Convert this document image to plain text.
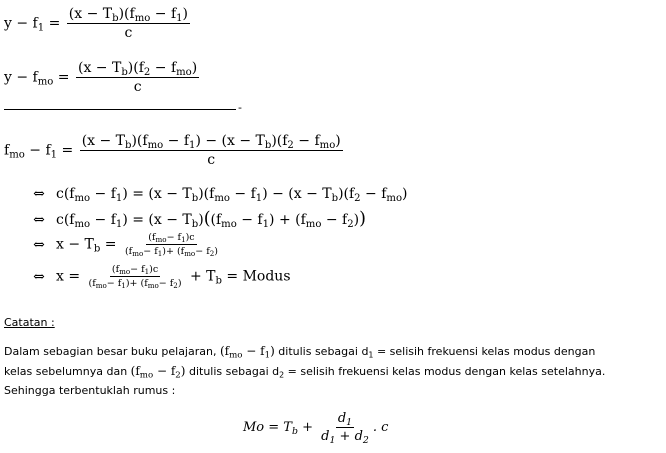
$y - f_1 = \frac{(x - T_b)(f_{mo} - f_1)}{c}$
$y - f_{mo} = \frac{(x - T_b)(f_2 - f_{mo})}{c}$
-
$f_{mo} - f_1 = \frac{(x - T_b)(f_{mo} - f_1) - (x - T_b)(f_2 - f_{mo})}{c}$
⇔ $c(f_{mo} - f_1) = (x - T_b)(f_{mo} - f_1) - (x - T_b)(f_2 - f_{mo})$
⇔ $c(f_{mo} - f_1) = (x - T_b)((f_{mo} - f_1) + (f_{mo} - f_2))$
⇔ $x - T_b = \frac{(f_{mo}- f_1)c}{(f_{mo}- f_1)+ (f_{mo}- f_2)}$
⇔ $x = \frac{(f_{mo}- f_1)c}{(f_{mo}- f_1)+ (f_{mo}- f_2)} + T_b$ = Modus
Catatan :
Dalam sebagian besar buku pelajaran, $(f_{mo} - f_1)$ ditulis sebagai $d_1$ = selisih frekuensi kelas modus dengan
kelas sebelumnya dan $(f_{mo} - f_2)$ ditulis sebagai $d_2$ = selisih frekuensi kelas modus dengan kelas setelahnya.
Sehingga terbentuklah rumus :
$Mo = T_b + \frac{d_1}{d_1 + d_2}$ . c
